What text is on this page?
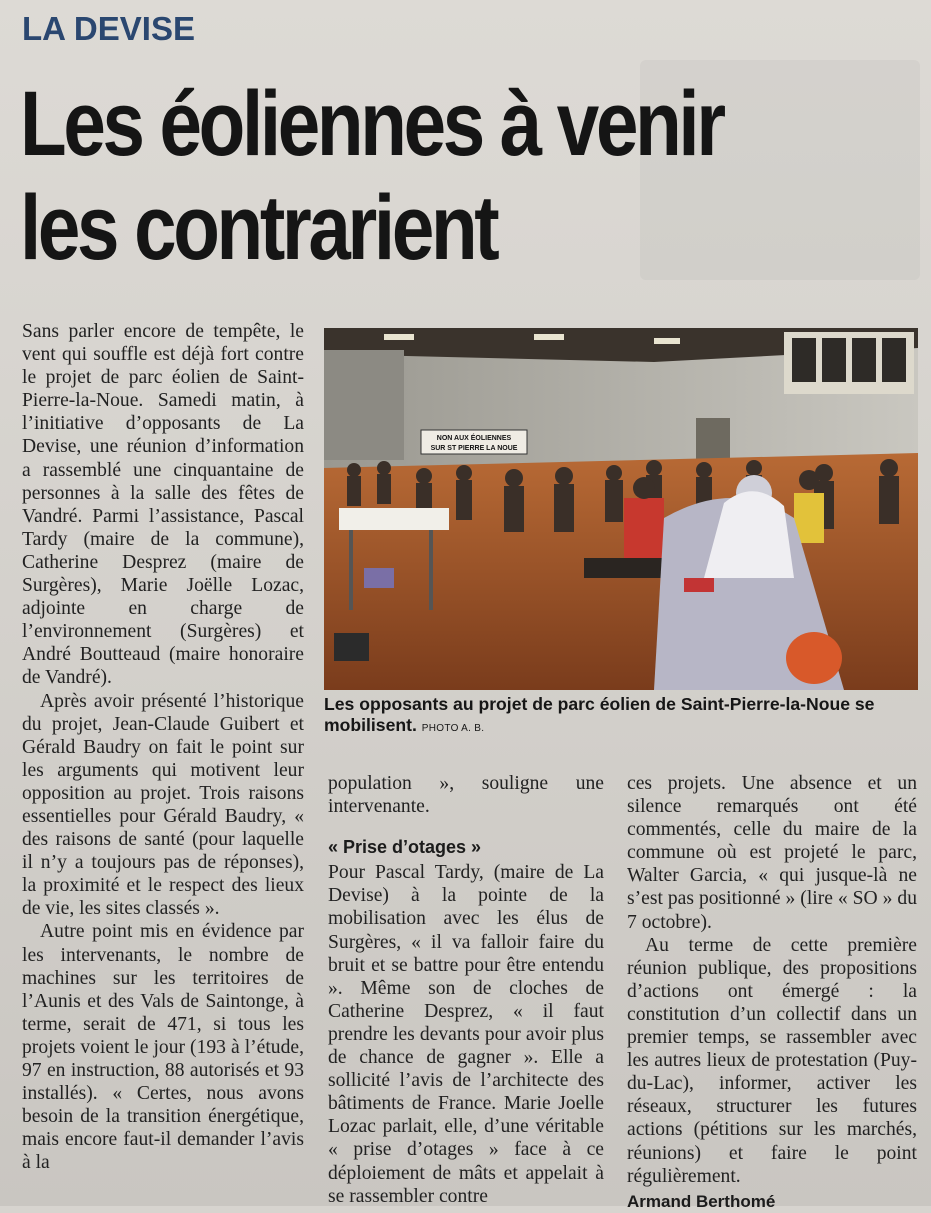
LA DEVISE
Les éoliennes à venir
les contrarient

Sans parler encore de tempête, le vent qui souffle est déjà fort contre le projet de parc éolien de Saint-Pierre-la-Noue. Samedi matin, à l’initiative d’opposants de La Devise, une réunion d’information a rassemblé une cinquantaine de personnes à la salle des fêtes de Vandré. Parmi l’assistance, Pascal Tardy (maire de la commune), Catherine Desprez (maire de Surgères), Marie Joëlle Lozac, adjointe en charge de l’environnement (Surgères) et André Boutteaud (maire honoraire de Vandré).

Après avoir présenté l’historique du projet, Jean-Claude Guibert et Gérald Baudry on fait le point sur les arguments qui motivent leur opposition au projet. Trois raisons essentielles pour Gérald Baudry, « des raisons de santé (pour laquelle il n’y a toujours pas de réponses), la proximité et le respect des lieux de vie, les sites classés ».

Autre point mis en évidence par les intervenants, le nombre de machines sur les territoires de l’Aunis et des Vals de Saintonge, à terme, serait de 471, si tous les projets voient le jour (193 à l’étude, 97 en instruction, 88 autorisés et 93 installés). « Certes, nous avons besoin de la transition énergétique, mais encore faut-il demander l’avis à la

NON AUX ÉOLIENNES
SUR ST PIERRE LA NOUE
Les opposants au projet de parc éolien de Saint-Pierre-la-Noue se mobilisent. PHOTO A. B.

population », souligne une intervenante.

« Prise d’otages »

Pour Pascal Tardy, (maire de La Devise) à la pointe de la mobilisation avec les élus de Surgères, « il va falloir faire du bruit et se battre pour être entendu ». Même son de cloches de Catherine Desprez, « il faut prendre les devants pour avoir plus de chance de gagner ». Elle a sollicité l’avis de l’architecte des bâtiments de France. Marie Joelle Lozac parlait, elle, d’une véritable « prise d’otages » face à ce déploiement de mâts et appelait à se rassembler contre

ces projets. Une absence et un silence remarqués ont été commentés, celle du maire de la commune où est projeté le parc, Walter Garcia, « qui jusque-là ne s’est pas positionné » (lire « SO » du 7 octobre).

Au terme de cette première réunion publique, des propositions d’actions ont émergé : la constitution d’un collectif dans un premier temps, se rassembler avec les autres lieux de protestation (Puy-du-Lac), informer, activer les réseaux, structurer les futures actions (pétitions sur les marchés, réunions) et faire le point régulièrement.

Armand Berthomé
